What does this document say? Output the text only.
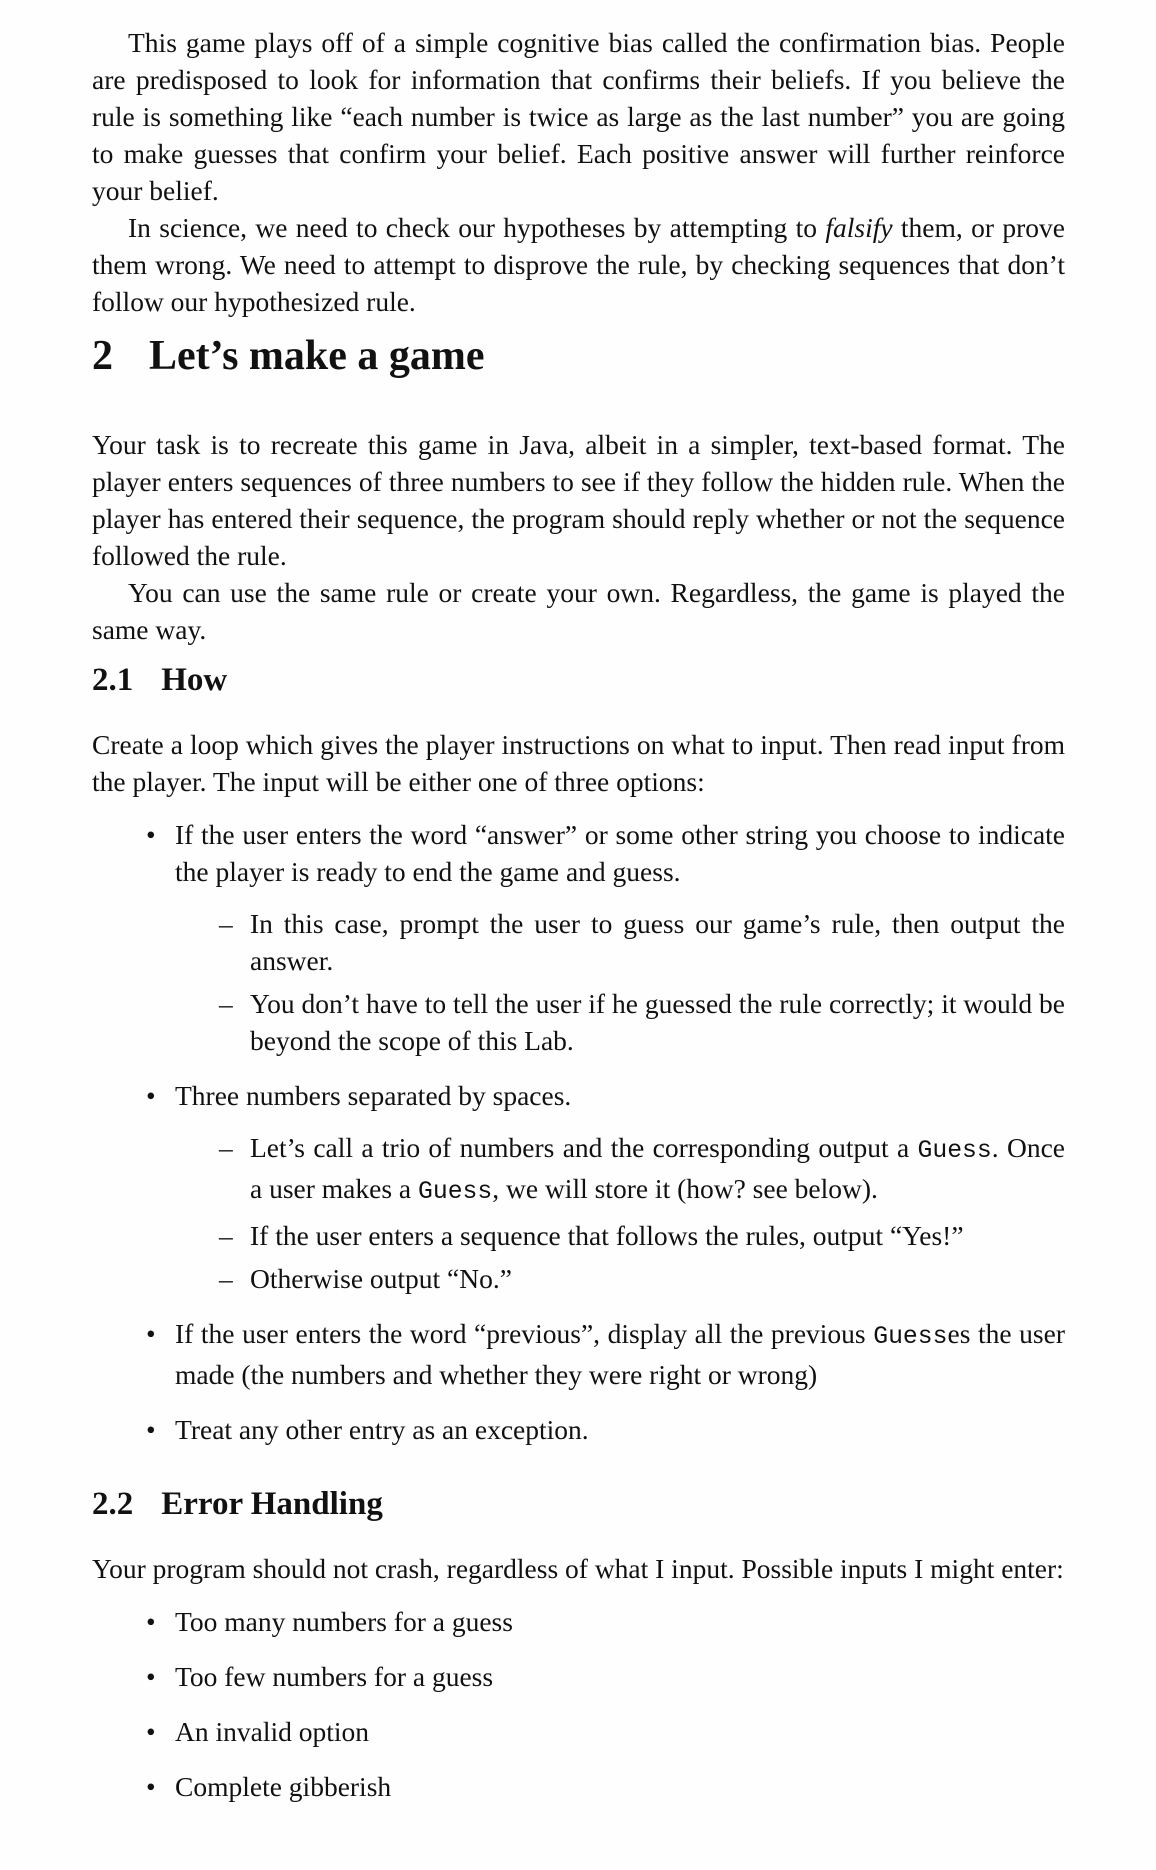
This game plays off of a simple cognitive bias called the confirmation bias. People are predisposed to look for information that confirms their beliefs. If you believe the rule is something like “each number is twice as large as the last number” you are going to make guesses that confirm your belief. Each positive answer will further reinforce your belief.

In science, we need to check our hypotheses by attempting to falsify them, or prove them wrong. We need to attempt to disprove the rule, by checking sequences that don’t follow our hypothesized rule.

2 Let’s make a game

Your task is to recreate this game in Java, albeit in a simpler, text-based format. The player enters sequences of three numbers to see if they follow the hidden rule. When the player has entered their sequence, the program should reply whether or not the sequence followed the rule.

You can use the same rule or create your own. Regardless, the game is played the same way.

2.1 How

Create a loop which gives the player instructions on what to input. Then read input from the player. The input will be either one of three options:

• If the user enters the word “answer” or some other string you choose to indicate the player is ready to end the game and guess.
– In this case, prompt the user to guess our game’s rule, then output the answer.
– You don’t have to tell the user if he guessed the rule correctly; it would be beyond the scope of this Lab.
• Three numbers separated by spaces.
– Let’s call a trio of numbers and the corresponding output a Guess. Once a user makes a Guess, we will store it (how? see below).
– If the user enters a sequence that follows the rules, output “Yes!”
– Otherwise output “No.”
• If the user enters the word “previous”, display all the previous Guesses the user made (the numbers and whether they were right or wrong)
• Treat any other entry as an exception.
2.2 Error Handling

Your program should not crash, regardless of what I input. Possible inputs I might enter:

• Too many numbers for a guess
• Too few numbers for a guess
• An invalid option
• Complete gibberish
